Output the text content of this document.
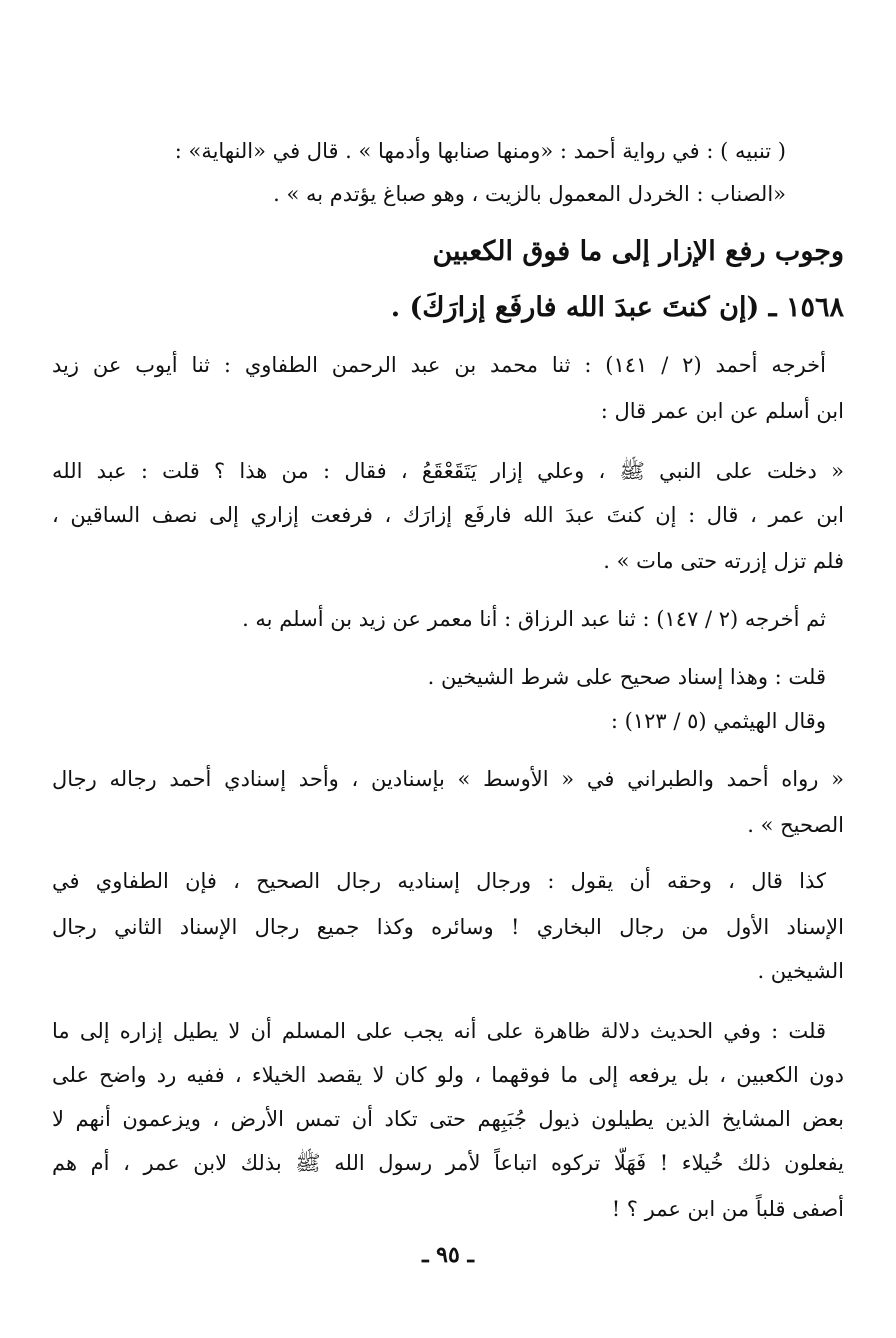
( تنبيه ) : في رواية أحمد : «ومنها صنابها وأدمها » . قال في «النهاية» :
«الصناب : الخردل المعمول بالزيت ، وهو صباغ يؤتدم به » .
وجوب رفع الإزار إلى ما فوق الكعبين
١٥٦٨ ـ (إن كنتَ عبدَ الله فارفَع إزارَكَ) .
أخرجه أحمد (٢ / ١٤١) : ثنا محمد بن عبد الرحمن الطفاوي : ثنا أيوب عن زيد
ابن أسلم عن ابن عمر قال :
« دخلت على النبي ﷺ ، وعلي إزار يَتَقَعْقَعُ ، فقال : من هذا ؟ قلت : عبد الله
ابن عمر ، قال : إن كنتَ عبدَ الله فارفَع إزارَك ، فرفعت إزاري إلى نصف الساقين ،
فلم تزل إزرته حتى مات » .
ثم أخرجه (٢ / ١٤٧) : ثنا عبد الرزاق : أنا معمر عن زيد بن أسلم به .
قلت : وهذا إسناد صحيح على شرط الشيخين .
وقال الهيثمي (٥ / ١٢٣) :
« رواه أحمد والطبراني في « الأوسط » بإسنادين ، وأحد إسنادي أحمد رجاله رجال
الصحيح » .
كذا قال ، وحقه أن يقول : ورجال إسناديه رجال الصحيح ، فإن الطفاوي في
الإسناد الأول من رجال البخاري ! وسائره وكذا جميع رجال الإسناد الثاني رجال
الشيخين .
قلت : وفي الحديث دلالة ظاهرة على أنه يجب على المسلم أن لا يطيل إزاره إلى ما
دون الكعبين ، بل يرفعه إلى ما فوقهما ، ولو كان لا يقصد الخيلاء ، ففيه رد واضح على
بعض المشايخ الذين يطيلون ذيول جُبَبِهم حتى تكاد أن تمس الأرض ، ويزعمون أنهم لا
يفعلون ذلك خُيلاء ! فَهَلّا تركوه اتباعاً لأمر رسول الله ﷺ بذلك لابن عمر ، أم هم
أصفى قلباً من ابن عمر ؟ !
ـ ٩٥ ـ
